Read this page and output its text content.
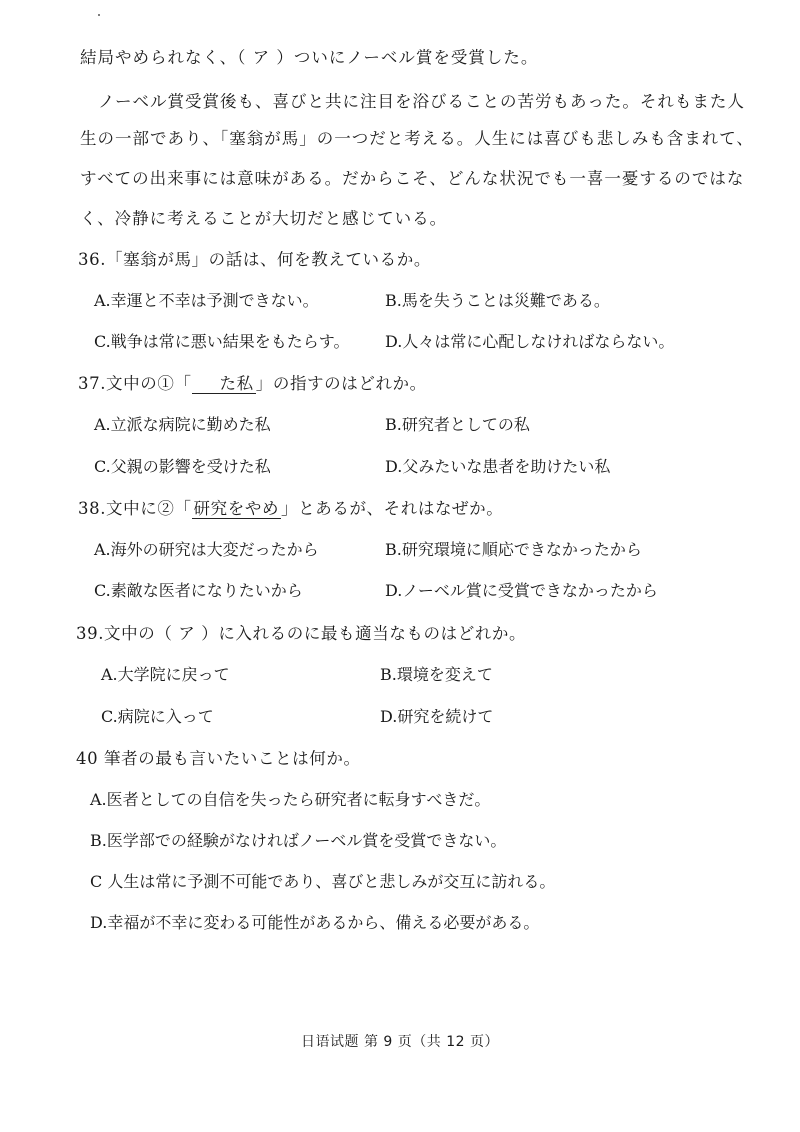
結局やめられなく、（ ア ）ついにノーベル賞を受賞した。
ノーベル賞受賞後も、喜びと共に注目を浴びることの苦労もあった。それもまた人
生の一部であり、「塞翁が馬」の一つだと考える。人生には喜びも悲しみも含まれて、
すべての出来事には意味がある。だからこそ、どんな状況でも一喜一憂するのではな
く、冷静に考えることが大切だと感じている。
36.「塞翁が馬」の話は、何を教えているか。
A.幸運と不幸は予測できない。	B.馬を失うことは災難である。
C.戦争は常に悪い結果をもたらす。 D.人々は常に心配しなければならない。
37.文中の①「 た私 」の指すのはどれか。
A.立派な病院に勤めた私	B.研究者としての私
C.父親の影響を受けた私	D.父みたいな患者を助けたい私
38.文中に②「 研究をやめ 」とあるが、それはなぜか。
A.海外の研究は大変だったから	B.研究環境に順応できなかったから
C.素敵な医者になりたいから	D.ノーベル賞に受賞できなかったから
39.文中の（ ア ）に入れるのに最も適当なものはどれか。
A.大学院に戻って	B.環境を変えて
C.病院に入って	D.研究を続けて
40 筆者の最も言いたいことは何か。
A.医者としての自信を失ったら研究者に転身すべきだ。
B.医学部での経験がなければノーベル賞を受賞できない。
C 人生は常に予測不可能であり、喜びと悲しみが交互に訪れる。
D.幸福が不幸に変わる可能性があるから、備える必要がある。
日语试题 第 9 页（共 12 页）
